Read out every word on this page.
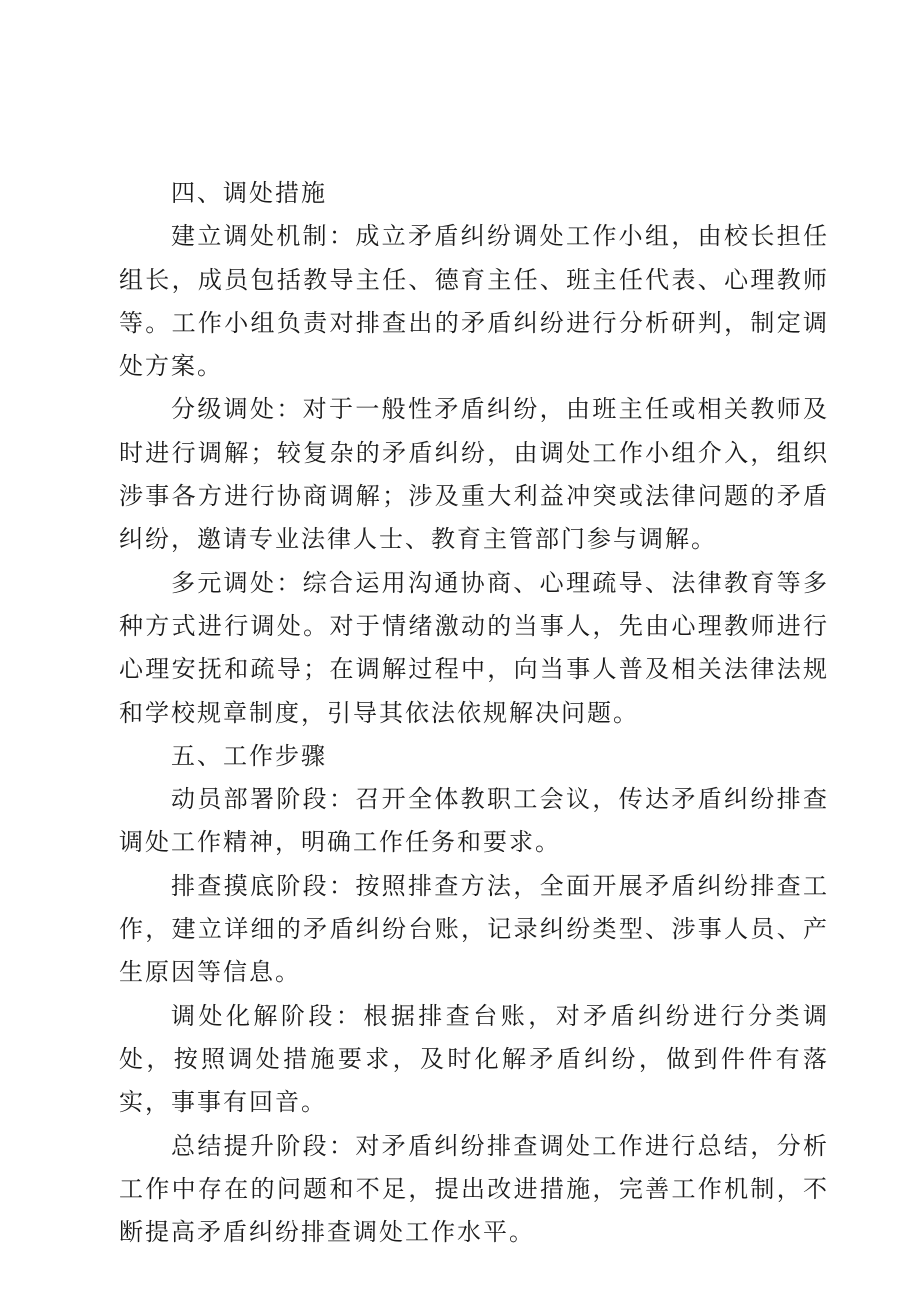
四、调处措施

建立调处机制：成立矛盾纠纷调处工作小组，由校长担任组长，成员包括教导主任、德育主任、班主任代表、心理教师等。工作小组负责对排查出的矛盾纠纷进行分析研判，制定调处方案。

分级调处：对于一般性矛盾纠纷，由班主任或相关教师及时进行调解；较复杂的矛盾纠纷，由调处工作小组介入，组织涉事各方进行协商调解；涉及重大利益冲突或法律问题的矛盾纠纷，邀请专业法律人士、教育主管部门参与调解。

多元调处：综合运用沟通协商、心理疏导、法律教育等多种方式进行调处。对于情绪激动的当事人，先由心理教师进行心理安抚和疏导；在调解过程中，向当事人普及相关法律法规和学校规章制度，引导其依法依规解决问题。

五、工作步骤

动员部署阶段：召开全体教职工会议，传达矛盾纠纷排查调处工作精神，明确工作任务和要求。

排查摸底阶段：按照排查方法，全面开展矛盾纠纷排查工作，建立详细的矛盾纠纷台账，记录纠纷类型、涉事人员、产生原因等信息。

调处化解阶段：根据排查台账，对矛盾纠纷进行分类调处，按照调处措施要求，及时化解矛盾纠纷，做到件件有落实，事事有回音。

总结提升阶段：对矛盾纠纷排查调处工作进行总结，分析工作中存在的问题和不足，提出改进措施，完善工作机制，不断提高矛盾纠纷排查调处工作水平。
